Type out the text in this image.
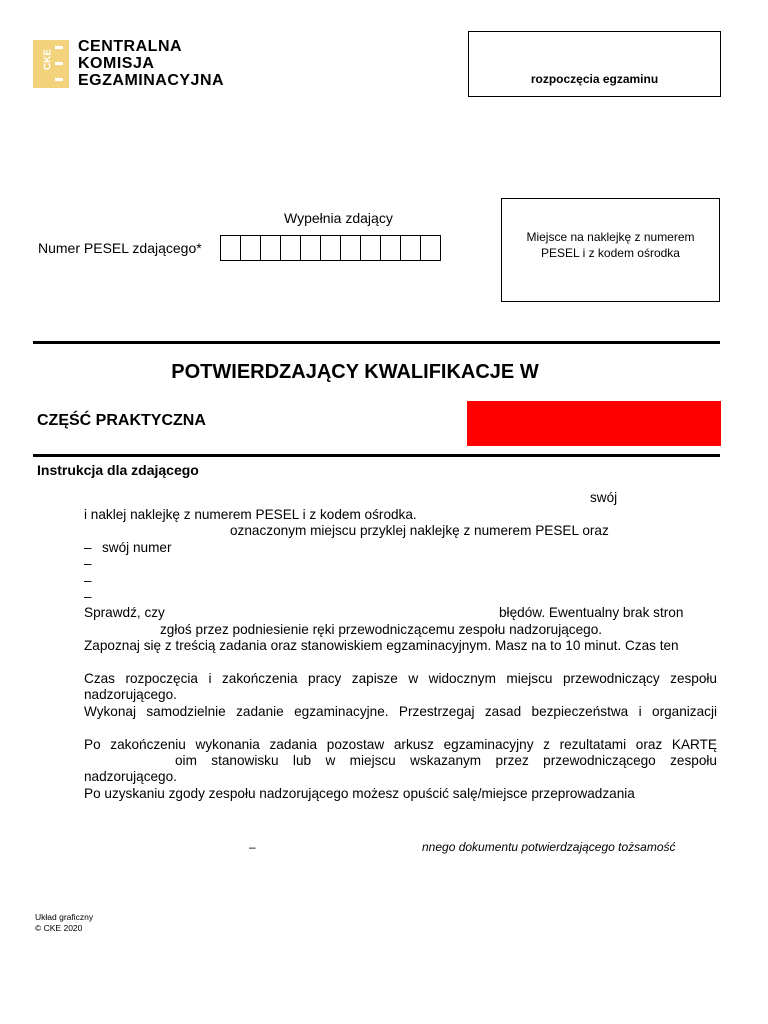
CKE
CENTRALNA
KOMISJA
EGZAMINACYJNA	rozpoczęcia egzaminu
Wypełnia zdający
Numer PESEL zdającego*
Miejsce na naklejkę z numerem PESEL i z kodem ośrodka
POTWIERDZAJĄCY KWALIFIKACJE W
CZĘŚĆ PRAKTYCZNA
Instrukcja dla zdającego
swój
i naklej naklejkę z numerem PESEL i z kodem ośrodka.
oznaczonym miejscu przyklej naklejkę z numerem PESEL oraz
– swój numer
–
–
–
Sprawdź, czy	błędów. Ewentualny brak stron
zgłoś przez podniesienie ręki przewodniczącemu zespołu nadzorującego.
Zapoznaj się z treścią zadania oraz stanowiskiem egzaminacyjnym. Masz na to 10 minut. Czas ten
Czas rozpoczęcia i zakończenia pracy zapisze w widocznym miejscu przewodniczący zespołu
nadzorującego.
Wykonaj samodzielnie zadanie egzaminacyjne. Przestrzegaj zasad bezpieczeństwa i organizacji
Po zakończeniu wykonania zadania pozostaw arkusz egzaminacyjny z rezultatami oraz KARTĘ
oim stanowisku lub w miejscu wskazanym przez przewodniczącego zespołu
nadzorującego.
Po uzyskaniu zgody zespołu nadzorującego możesz opuścić salę/miejsce przeprowadzania
–	nnego dokumentu potwierdzającego tożsamość
Układ graficzny
© CKE 2020
